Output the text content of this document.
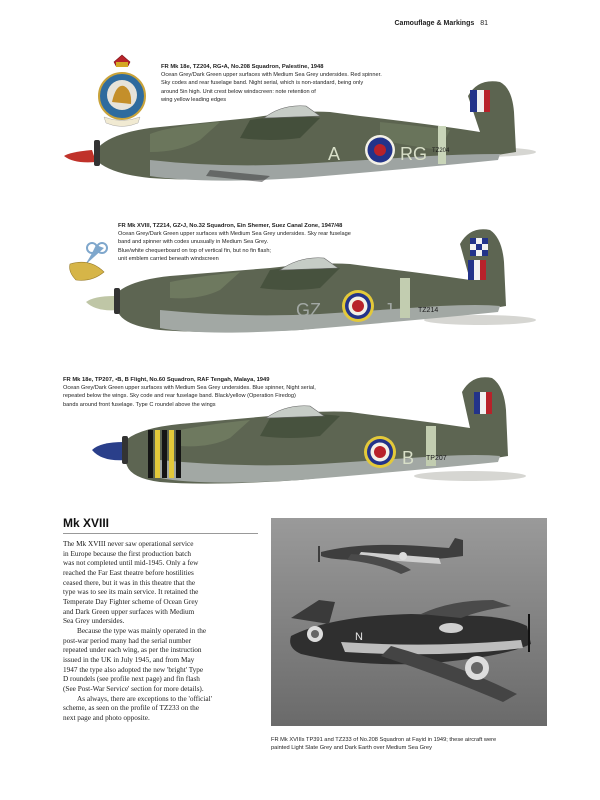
Camouflage & Markings 81
FR Mk 18e, TZ204, RG•A, No.208 Squadron, Palestine, 1948
Ocean Grey/Dark Green upper surfaces with Medium Sea Grey undersides. Red spinner.
Sky codes and rear fuselage band. Night serial, which is non-standard, being only
around 5in high. Unit crest below windscreen: note retention of
wing yellow leading edges
A	RG TZ204
GZ	J	TZ214
B TP207
FR Mk XVIII, TZ214, GZ•J, No.32 Squadron, Ein Shemer, Suez Canal Zone, 1947/48
Ocean Grey/Dark Green upper surfaces with Medium Sea Grey undersides. Sky rear fuselage
band and spinner with codes unusually in Medium Sea Grey.
Blue/white chequerboard on top of vertical fin, but no fin flash;
unit emblem carried beneath windscreen
FR Mk 18e, TP207, •B, B Flight, No.60 Squadron, RAF Tengah, Malaya, 1949
Ocean Grey/Dark Green upper surfaces with Medium Sea Grey undersides. Blue spinner, Night serial,
repeated below the wings. Sky code and rear fuselage band. Black/yellow (Operation Firedog)
bands around front fuselage. Type C roundel above the wings
Mk XVIII
The Mk XVIII never saw operational service
in Europe because the first production batch
was not completed until mid-1945. Only a few
reached the Far East theatre before hostilities
ceased there, but it was in this theatre that the
type was to see its main service. It retained the
Temperate Day Fighter scheme of Ocean Grey
and Dark Green upper surfaces with Medium
Sea Grey undersides.
Because the type was mainly operated in the
post-war period many had the serial number
repeated under each wing, as per the instruction
issued in the UK in July 1945, and from May
1947 the type also adopted the new 'bright' Type
D roundels (see profile next page) and fin flash
(See Post-War Service' section for more details).
As always, there are exceptions to the 'official'
scheme, as seen on the profile of TZ233 on the
next page and photo opposite.
N
FR Mk XVIIIs TP391 and TZ233 of No.208 Squadron at Fayid in 1949; these aircraft were
painted Light Slate Grey and Dark Earth over Medium Sea Grey
